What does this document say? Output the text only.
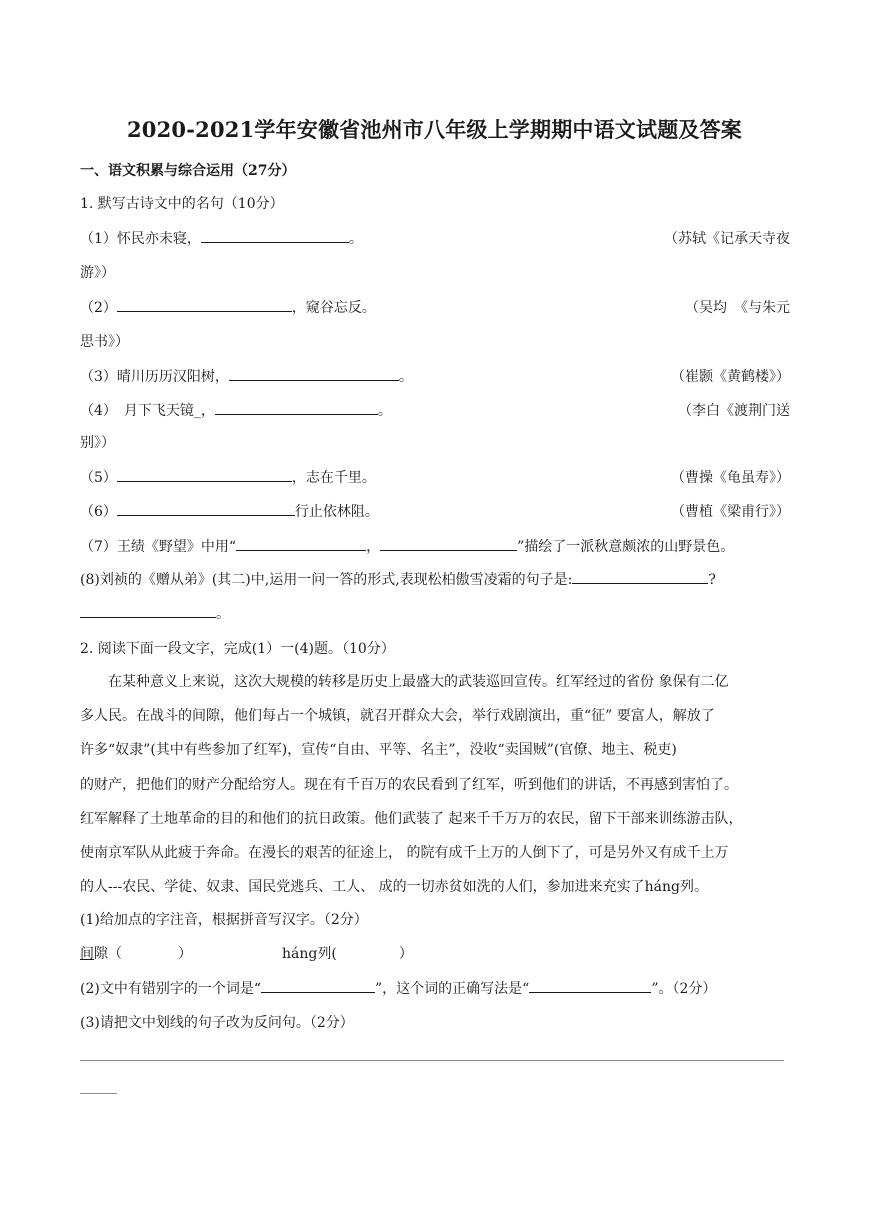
2020-2021学年安徽省池州市八年级上学期期中语文试题及答案
一、语文积累与综合运用（27分）
1. 默写古诗文中的名句（10分）
（1）怀民亦未寝，	。	（苏轼《记承天寺夜
游》）
（2）	，窥谷忘反。	（吴均　《与朱元
思书》）
（3）晴川历历汉阳树，	。	（崔颢《黄鹤楼》）
（4）　月下飞天镜_，	。	（李白《渡荆门送
别》）
（5）	，志在千里。	（曹操《龟虽寿》）
（6）	行止依林阻。	（曹植《梁甫行》）
（7）王绩《野望》中用“	，	”描绘了一派秋意颇浓的山野景色。
(8)刘祯的《赠从弟》(其二)中,运用一问一答的形式,表现松柏傲雪凌霜的句子是:	?
。
2. 阅读下面一段文字，完成(1）一(4)题。（10分）
在某种意义上来说，这次大规模的转移是历史上最盛大的武装巡回宣传。红军经过的省份 象保有二亿
多人民。在战斗的间隙，他们每占一个城镇，就召开群众大会，举行戏剧演出，重“征” 要富人，解放了
许多“奴隶”(其中有些参加了红军)，宣传“自由、平等、名主”，没收“卖国贼”(官僚、地主、税吏)
的财产，把他们的财产分配给穷人。现在有千百万的农民看到了红军，听到他们的讲话，不再感到害怕了。
红军解释了土地革命的目的和他们的抗日政策。他们武装了 起来千千万万的农民，留下干部来训练游击队，
使南京军队从此疲于奔命。在漫长的艰苦的征途上， 的院有成千上万的人倒下了，可是另外又有成千上万
的人---农民、学徒、奴隶、国民党逃兵、工人、 成的一切赤贫如洗的人们，参加进来充实了háng列。
(1)给加点的字注音，根据拼音写汉字。（2分）
间隙（	）	háng列(	）
(2)文中有错别字的一个词是“	”，这个词的正确写法是“	”。（2分）
(3)请把文中划线的句子改为反问句。（2分）
